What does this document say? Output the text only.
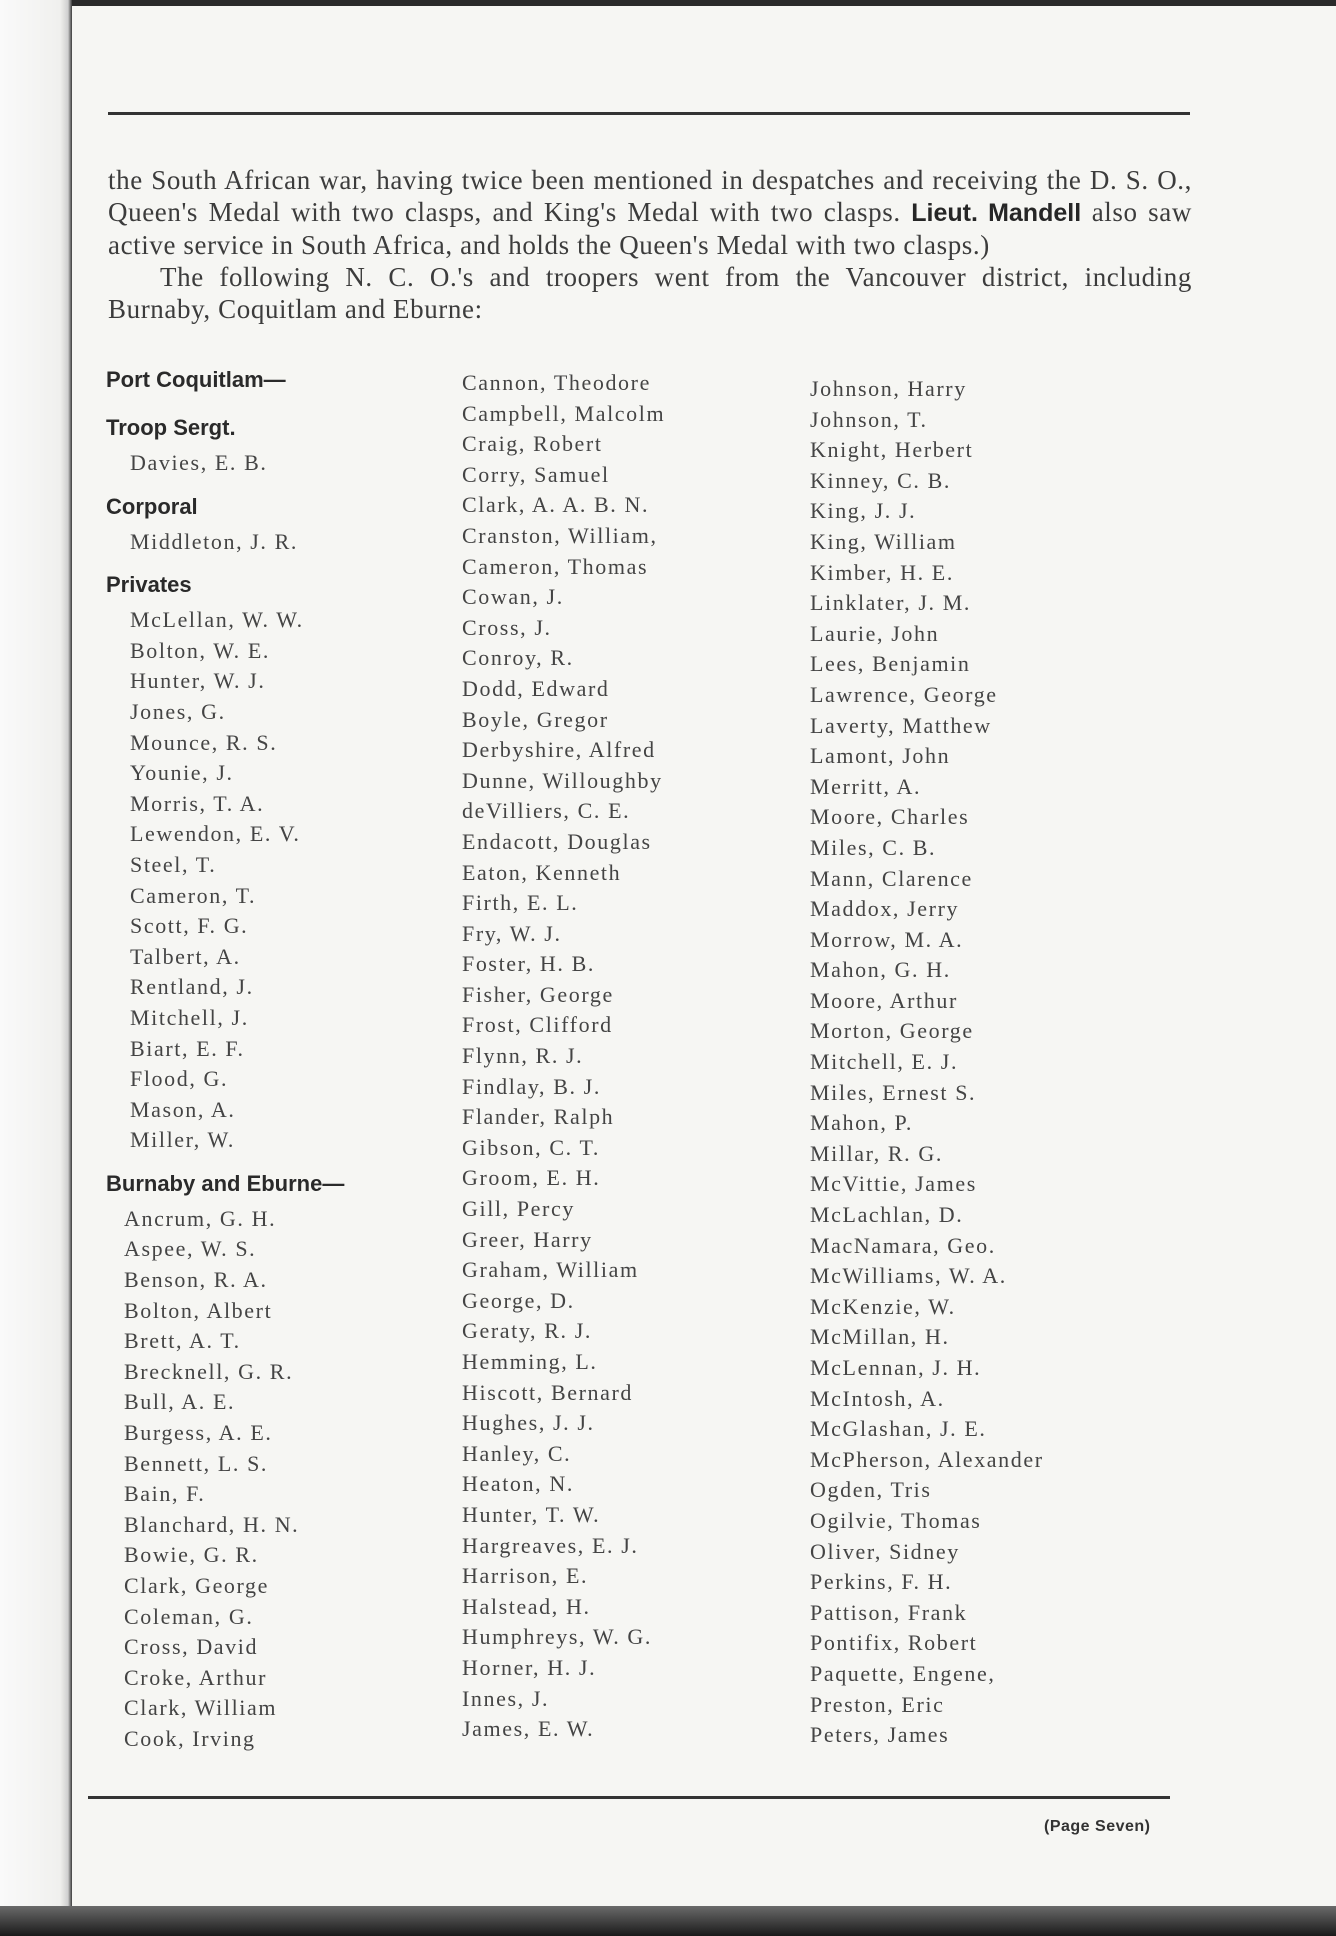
the South African war, having twice been mentioned in despatches and receiving the D. S. O., Queen's Medal with two clasps, and King's Medal with two clasps. Lieut. Mandell also saw active service in South Africa, and holds the Queen's Medal with two clasps.)

The following N. C. O.'s and troopers went from the Vancouver district, including Burnaby, Coquitlam and Eburne:

Port Coquitlam—
Troop Sergt.
Davies, E. B.
Corporal
Middleton, J. R.
Privates
McLellan, W. W.
Bolton, W. E.
Hunter, W. J.
Jones, G.
Mounce, R. S.
Younie, J.
Morris, T. A.
Lewendon, E. V.
Steel, T.
Cameron, T.
Scott, F. G.
Talbert, A.
Rentland, J.
Mitchell, J.
Biart, E. F.
Flood, G.
Mason, A.
Miller, W.
Burnaby and Eburne—
Ancrum, G. H.
Aspee, W. S.
Benson, R. A.
Bolton, Albert
Brett, A. T.
Brecknell, G. R.
Bull, A. E.
Burgess, A. E.
Bennett, L. S.
Bain, F.
Blanchard, H. N.
Bowie, G. R.
Clark, George
Coleman, G.
Cross, David
Croke, Arthur
Clark, William
Cook, Irving
Cannon, Theodore
Campbell, Malcolm
Craig, Robert
Corry, Samuel
Clark, A. A. B. N.
Cranston, William,
Cameron, Thomas
Cowan, J.
Cross, J.
Conroy, R.
Dodd, Edward
Boyle, Gregor
Derbyshire, Alfred
Dunne, Willoughby
deVilliers, C. E.
Endacott, Douglas
Eaton, Kenneth
Firth, E. L.
Fry, W. J.
Foster, H. B.
Fisher, George
Frost, Clifford
Flynn, R. J.
Findlay, B. J.
Flander, Ralph
Gibson, C. T.
Groom, E. H.
Gill, Percy
Greer, Harry
Graham, William
George, D.
Geraty, R. J.
Hemming, L.
Hiscott, Bernard
Hughes, J. J.
Hanley, C.
Heaton, N.
Hunter, T. W.
Hargreaves, E. J.
Harrison, E.
Halstead, H.
Humphreys, W. G.
Horner, H. J.
Innes, J.
James, E. W.
Johnson, Harry
Johnson, T.
Knight, Herbert
Kinney, C. B.
King, J. J.
King, William
Kimber, H. E.
Linklater, J. M.
Laurie, John
Lees, Benjamin
Lawrence, George
Laverty, Matthew
Lamont, John
Merritt, A.
Moore, Charles
Miles, C. B.
Mann, Clarence
Maddox, Jerry
Morrow, M. A.
Mahon, G. H.
Moore, Arthur
Morton, George
Mitchell, E. J.
Miles, Ernest S.
Mahon, P.
Millar, R. G.
McVittie, James
McLachlan, D.
MacNamara, Geo.
McWilliams, W. A.
McKenzie, W.
McMillan, H.
McLennan, J. H.
McIntosh, A.
McGlashan, J. E.
McPherson, Alexander
Ogden, Tris
Ogilvie, Thomas
Oliver, Sidney
Perkins, F. H.
Pattison, Frank
Pontifix, Robert
Paquette, Engene,
Preston, Eric
Peters, James
(Page Seven)
